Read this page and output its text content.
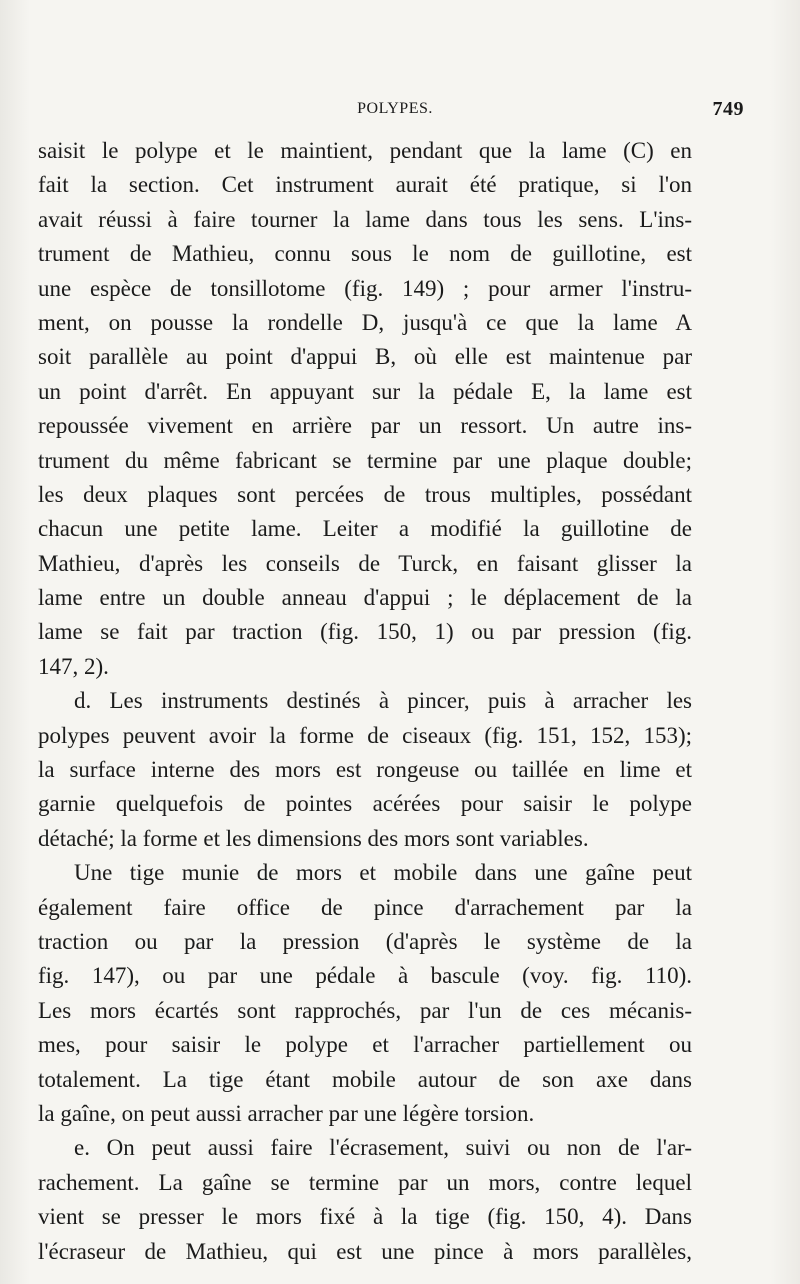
POLYPES.	749
saisit le polype et le maintient, pendant que la lame (C) en
fait la section. Cet instrument aurait été pratique, si l'on
avait réussi à faire tourner la lame dans tous les sens. L'ins-
trument de Mathieu, connu sous le nom de guillotine, est
une espèce de tonsillotome (fig. 149) ; pour armer l'instru-
ment, on pousse la rondelle D, jusqu'à ce que la lame A
soit parallèle au point d'appui B, où elle est maintenue par
un point d'arrêt. En appuyant sur la pédale E, la lame est
repoussée vivement en arrière par un ressort. Un autre ins-
trument du même fabricant se termine par une plaque double;
les deux plaques sont percées de trous multiples, possédant
chacun une petite lame. Leiter a modifié la guillotine de
Mathieu, d'après les conseils de Turck, en faisant glisser la
lame entre un double anneau d'appui ; le déplacement de la
lame se fait par traction (fig. 150, 1) ou par pression (fig.
147, 2).
d. Les instruments destinés à pincer, puis à arracher les
polypes peuvent avoir la forme de ciseaux (fig. 151, 152, 153);
la surface interne des mors est rongeuse ou taillée en lime et
garnie quelquefois de pointes acérées pour saisir le polype
détaché; la forme et les dimensions des mors sont variables.
Une tige munie de mors et mobile dans une gaîne peut
également faire office de pince d'arrachement par la
traction ou par la pression (d'après le système de la
fig. 147), ou par une pédale à bascule (voy. fig. 110).
Les mors écartés sont rapprochés, par l'un de ces mécanis-
mes, pour saisir le polype et l'arracher partiellement ou
totalement. La tige étant mobile autour de son axe dans
la gaîne, on peut aussi arracher par une légère torsion.
e. On peut aussi faire l'écrasement, suivi ou non de l'ar-
rachement. La gaîne se termine par un mors, contre lequel
vient se presser le mors fixé à la tige (fig. 150, 4). Dans
l'écraseur de Mathieu, qui est une pince à mors parallèles,
